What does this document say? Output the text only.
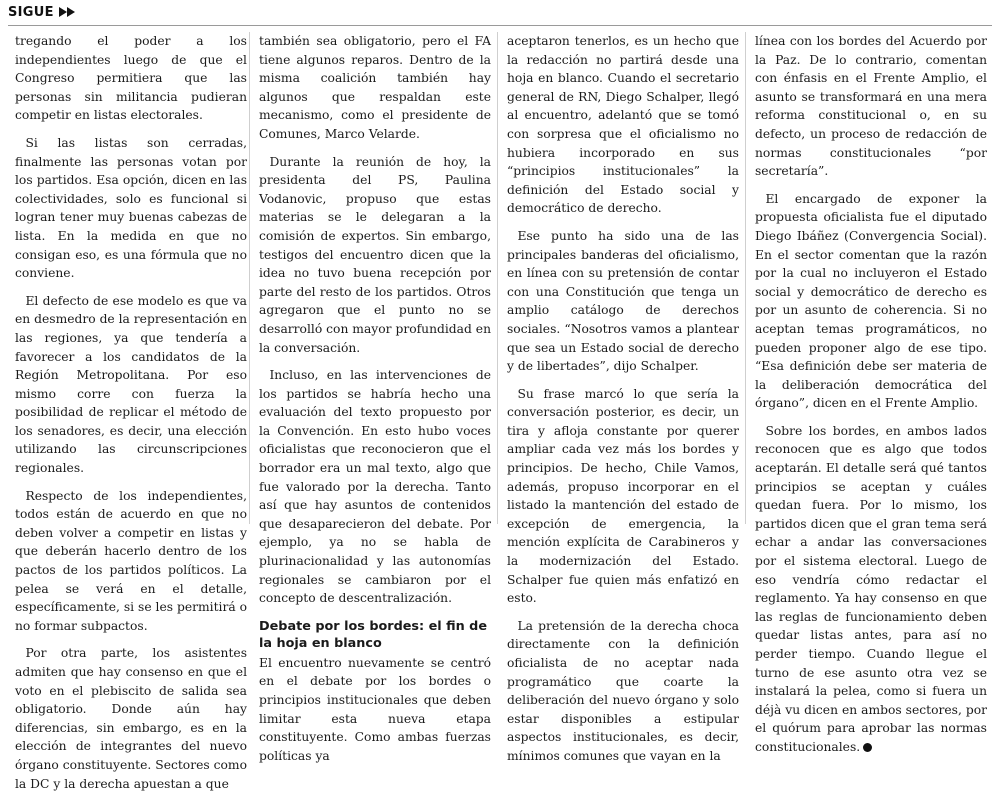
SIGUE

tregando el poder a los independientes luego de que el Congreso permitiera que las personas sin militancia pudieran competir en listas electorales.

Si las listas son cerradas, finalmente las personas votan por los partidos. Esa opción, dicen en las colectividades, solo es funcional si logran tener muy buenas cabezas de lista. En la medida en que no consigan eso, es una fórmula que no conviene.

El defecto de ese modelo es que va en desmedro de la representación en las regiones, ya que tendería a favorecer a los candidatos de la Región Metropolitana. Por eso mismo corre con fuerza la posibilidad de replicar el método de los senadores, es decir, una elección utilizando las circunscripciones regionales.

Respecto de los independientes, todos están de acuerdo en que no deben volver a competir en listas y que deberán hacerlo dentro de los pactos de los partidos políticos. La pelea se verá en el detalle, específicamente, si se les permitirá o no formar subpactos.

Por otra parte, los asistentes admiten que hay consenso en que el voto en el plebiscito de salida sea obligatorio. Donde aún hay diferencias, sin embargo, es en la elección de integrantes del nuevo órgano constituyente. Sectores como la DC y la derecha apuestan a que

también sea obligatorio, pero el FA tiene algunos reparos. Dentro de la misma coalición también hay algunos que respaldan este mecanismo, como el presidente de Comunes, Marco Velarde.

Durante la reunión de hoy, la presidenta del PS, Paulina Vodanovic, propuso que estas materias se le delegaran a la comisión de expertos. Sin embargo, testigos del encuentro dicen que la idea no tuvo buena recepción por parte del resto de los partidos. Otros agregaron que el punto no se desarrolló con mayor profundidad en la conversación.

Incluso, en las intervenciones de los partidos se habría hecho una evaluación del texto propuesto por la Convención. En esto hubo voces oficialistas que reconocieron que el borrador era un mal texto, algo que fue valorado por la derecha. Tanto así que hay asuntos de contenidos que desaparecieron del debate. Por ejemplo, ya no se habla de plurinacionalidad y las autonomías regionales se cambiaron por el concepto de descentralización.

Debate por los bordes: el fin de la hoja en blanco

El encuentro nuevamente se centró en el debate por los bordes o principios institucionales que deben limitar esta nueva etapa constituyente. Como ambas fuerzas políticas ya

aceptaron tenerlos, es un hecho que la redacción no partirá desde una hoja en blanco. Cuando el secretario general de RN, Diego Schalper, llegó al encuentro, adelantó que se tomó con sorpresa que el oficialismo no hubiera incorporado en sus “principios institucionales” la definición del Estado social y democrático de derecho.

Ese punto ha sido una de las principales banderas del oficialismo, en línea con su pretensión de contar con una Constitución que tenga un amplio catálogo de derechos sociales. “Nosotros vamos a plantear que sea un Estado social de derecho y de libertades”, dijo Schalper.

Su frase marcó lo que sería la conversación posterior, es decir, un tira y afloja constante por querer ampliar cada vez más los bordes y principios. De hecho, Chile Vamos, además, propuso incorporar en el listado la mantención del estado de excepción de emergencia, la mención explícita de Carabineros y la modernización del Estado. Schalper fue quien más enfatizó en esto.

La pretensión de la derecha choca directamente con la definición oficialista de no aceptar nada programático que coarte la deliberación del nuevo órgano y solo estar disponibles a estipular aspectos institucionales, es decir, mínimos comunes que vayan en la

línea con los bordes del Acuerdo por la Paz. De lo contrario, comentan con énfasis en el Frente Amplio, el asunto se transformará en una mera reforma constitucional o, en su defecto, un proceso de redacción de normas constitucionales “por secretaría”.

El encargado de exponer la propuesta oficialista fue el diputado Diego Ibáñez (Convergencia Social). En el sector comentan que la razón por la cual no incluyeron el Estado social y democrático de derecho es por un asunto de coherencia. Si no aceptan temas programáticos, no pueden proponer algo de ese tipo. “Esa definición debe ser materia de la deliberación democrática del órgano”, dicen en el Frente Amplio.

Sobre los bordes, en ambos lados reconocen que es algo que todos aceptarán. El detalle será qué tantos principios se aceptan y cuáles quedan fuera. Por lo mismo, los partidos dicen que el gran tema será echar a andar las conversaciones por el sistema electoral. Luego de eso vendría cómo redactar el reglamento. Ya hay consenso en que las reglas de funcionamiento deben quedar listas antes, para así no perder tiempo. Cuando llegue el turno de ese asunto otra vez se instalará la pelea, como si fuera un déjà vu dicen en ambos sectores, por el quórum para aprobar las normas constitucionales.
